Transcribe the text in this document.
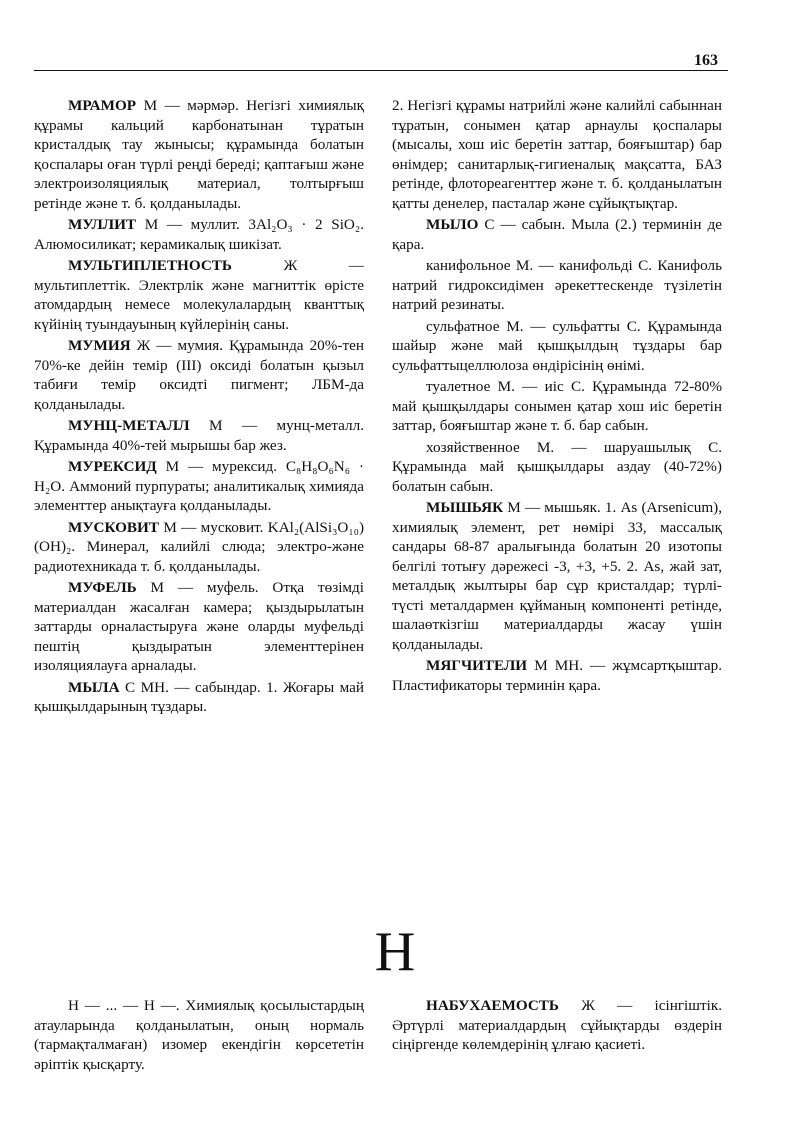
163

МРАМОР М — мәрмәр. Негізгі химиялық құрамы кальций карбонатынан тұратын кристалдық тау жынысы; құрамында болатын қоспалары оған түрлі реңді береді; қаптағыш және электроизоляциялық материал, толтырғыш ретінде және т. б. қолданылады.

МУЛЛИТ М — муллит. 3Al₂O₃ · 2 SiO₂. Алюмосиликат; керамикалық шикізат.

МУЛЬТИПЛЕТНОСТЬ Ж — мультиплеттік. Электрлік және магниттік өрісте атомдардың немесе молекулалардың кванттық күйінің туындауының күйлерінің саны.

МУМИЯ Ж — мумия. Құрамында 20%-тен 70%-ке дейін темір (III) оксиді болатын қызыл табиғи темір оксидті пигмент; ЛБМ-да қолданылады.

МУНЦ-МЕТАЛЛ М — мунц-металл. Құрамында 40%-тей мырышы бар жез.

МУРЕКСИД М — мурексид. C₈H₈O₆N₆ · H₂O. Аммоний пурпураты; аналитикалық химияда элементтер анықтауға қолданылады.

МУСКОВИТ М — мусковит. KAl₂(AlSi₃O₁₀)(OH)₂. Минерал, калийлі слюда; электро-және радиотехникада т. б. қолданылады.

МУФЕЛЬ М — муфель. Отқа төзімді материалдан жасалған камера; қыздырылатын заттарды орналастыруға және оларды муфельді пештің қыздыратын элементтерінен изоляциялауға арналады.

МЫЛА С МН. — сабындар. 1. Жоғары май қышқылдарының тұздары.

2. Негізгі құрамы натрийлі және калийлі сабыннан тұратын, сонымен қатар арнаулы қоспалары (мысалы, хош иіс беретін заттар, бояғыштар) бар өнімдер; санитарлық-гигиеналық мақсатта, БАЗ ретінде, флотореагенттер және т. б. қолданылатын қатты денелер, пасталар және сұйықтықтар.

МЫЛО С — сабын. Мыла (2.) терминін де қара.

канифольное М. — канифольді С. Канифоль натрий гидроксидімен әрекеттескенде түзілетін натрий резинаты.

сульфатное М. — сульфатты С. Құрамында шайыр және май қышқылдың тұздары бар сульфаттыцеллюлоза өндірісінің өнімі.

туалетное М. — иіс С. Құрамында 72-80% май қышқылдары сонымен қатар хош иіс беретін заттар, бояғыштар және т. б. бар сабын.

хозяйственное М. — шаруашылық С. Құрамында май қышқылдары аздау (40-72%) болатын сабын.

МЫШЬЯК М — мышьяк. 1. As (Arsenicum), химиялық элемент, рет нөмірі 33, массалық сандары 68-87 аралығында болатын 20 изотопы белгілі тотығу дәрежесі -3, +3, +5. 2. As, жай зат, металдық жылтыры бар сұр кристалдар; түрлі-түсті металдармен құйманың компоненті ретінде, шалаөткізгіш материалдарды жасау үшін қолданылады.

МЯГЧИТЕЛИ М МН. — жұмсартқыштар. Пластификаторы терминін қара.

Н

Н — ... — Н —. Химиялық қосылыстардың атауларында қолданылатын, оның нормаль (тармақталмаған) изомер екендігін көрсететін әріптік қысқарту.

НАБУХАЕМОСТЬ Ж — ісінгіштік. Әртүрлі материалдардың сұйықтарды өздерін сіңіргенде көлемдерінің ұлғаю қасиеті.
